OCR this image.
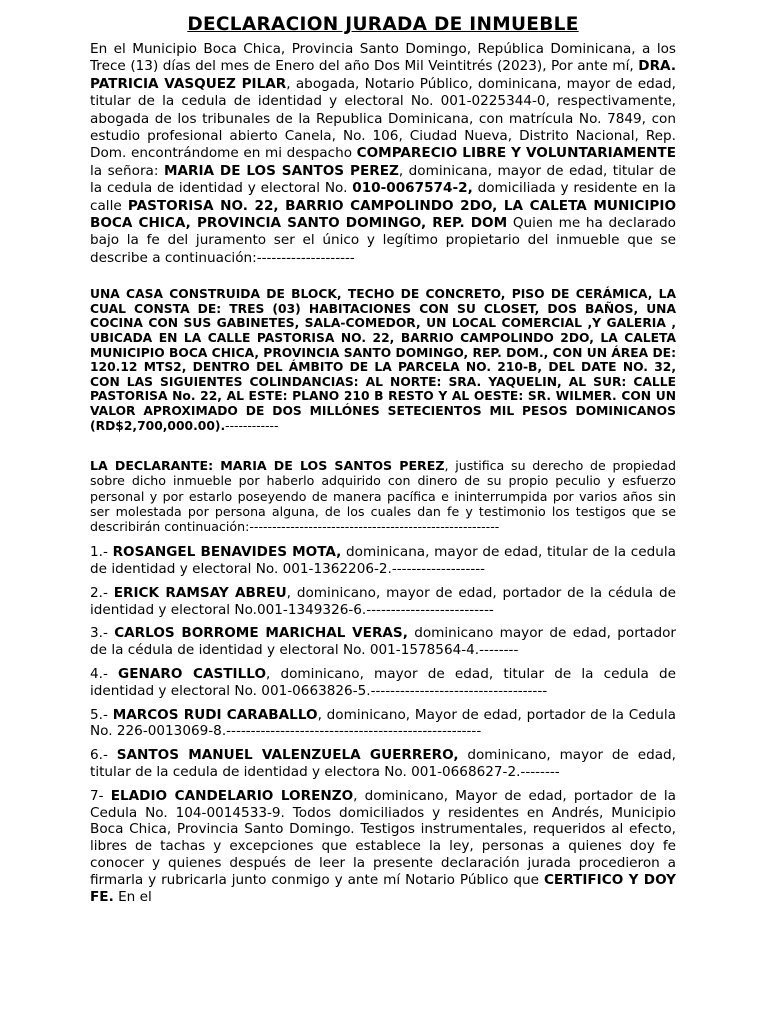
DECLARACION JURADA DE INMUEBLE

En el Municipio Boca Chica, Provincia Santo Domingo, República Dominicana, a los Trece (13) días del mes de Enero del año Dos Mil Veintitrés (2023), Por ante mí, DRA. PATRICIA VASQUEZ PILAR, abogada, Notario Público, dominicana, mayor de edad, titular de la cedula de identidad y electoral No. 001-0225344-0, respectivamente, abogada de los tribunales de la Republica Dominicana, con matrícula No. 7849, con estudio profesional abierto Canela, No. 106, Ciudad Nueva, Distrito Nacional, Rep. Dom. encontrándome en mi despacho COMPARECIO LIBRE Y VOLUNTARIAMENTE la señora: MARIA DE LOS SANTOS PEREZ, dominicana, mayor de edad, titular de la cedula de identidad y electoral No. 010-0067574-2, domiciliada y residente en la calle PASTORISA NO. 22, BARRIO CAMPOLINDO 2DO, LA CALETA MUNICIPIO BOCA CHICA, PROVINCIA SANTO DOMINGO, REP. DOM Quien me ha declarado bajo la fe del juramento ser el único y legítimo propietario del inmueble que se describe a continuación:--------------------

UNA CASA CONSTRUIDA DE BLOCK, TECHO DE CONCRETO, PISO DE CERÁMICA, LA CUAL CONSTA DE: TRES (03) HABITACIONES CON SU CLOSET, DOS BAÑOS, UNA COCINA CON SUS GABINETES, SALA-COMEDOR, UN LOCAL COMERCIAL ,Y GALERIA , UBICADA EN LA CALLE PASTORISA NO. 22, BARRIO CAMPOLINDO 2DO, LA CALETA MUNICIPIO BOCA CHICA, PROVINCIA SANTO DOMINGO, REP. DOM., CON UN ÁREA DE: 120.12 MTS2, DENTRO DEL ÁMBITO DE LA PARCELA NO. 210-B, DEL DATE NO. 32, CON LAS SIGUIENTES COLINDANCIAS: AL NORTE: SRA. YAQUELIN, AL SUR: CALLE PASTORISA No. 22, AL ESTE: PLANO 210 B RESTO Y AL OESTE: SR. WILMER. CON UN VALOR APROXIMADO DE DOS MILLÓNES SETECIENTOS MIL PESOS DOMINICANOS (RD$2,700,000.00).------------

LA DECLARANTE: MARIA DE LOS SANTOS PEREZ, justifica su derecho de propiedad sobre dicho inmueble por haberlo adquirido con dinero de su propio peculio y esfuerzo personal y por estarlo poseyendo de manera pacífica e ininterrumpida por varios años sin ser molestada por persona alguna, de los cuales dan fe y testimonio los testigos que se describirán continuación:-------------------------------------------------------

1.- ROSANGEL BENAVIDES MOTA, dominicana, mayor de edad, titular de la cedula de identidad y electoral No. 001-1362206-2.-------------------

2.- ERICK RAMSAY ABREU, dominicano, mayor de edad, portador de la cédula de identidad y electoral No.001-1349326-6.--------------------------

3.- CARLOS BORROME MARICHAL VERAS, dominicano mayor de edad, portador de la cédula de identidad y electoral No. 001-1578564-4.--------

4.- GENARO CASTILLO, dominicano, mayor de edad, titular de la cedula de identidad y electoral No. 001-0663826-5.------------------------------------

5.- MARCOS RUDI CARABALLO, dominicano, Mayor de edad, portador de la Cedula No. 226-0013069-8.----------------------------------------------------

6.- SANTOS MANUEL VALENZUELA GUERRERO, dominicano, mayor de edad, titular de la cedula de identidad y electora No. 001-0668627-2.--------

7- ELADIO CANDELARIO LORENZO, dominicano, Mayor de edad, portador de la Cedula No. 104-0014533-9. Todos domiciliados y residentes en Andrés, Municipio Boca Chica, Provincia Santo Domingo. Testigos instrumentales, requeridos al efecto, libres de tachas y excepciones que establece la ley, personas a quienes doy fe conocer y quienes después de leer la presente declaración jurada procedieron a firmarla y rubricarla junto conmigo y ante mí Notario Público que CERTIFICO Y DOY FE. En el
